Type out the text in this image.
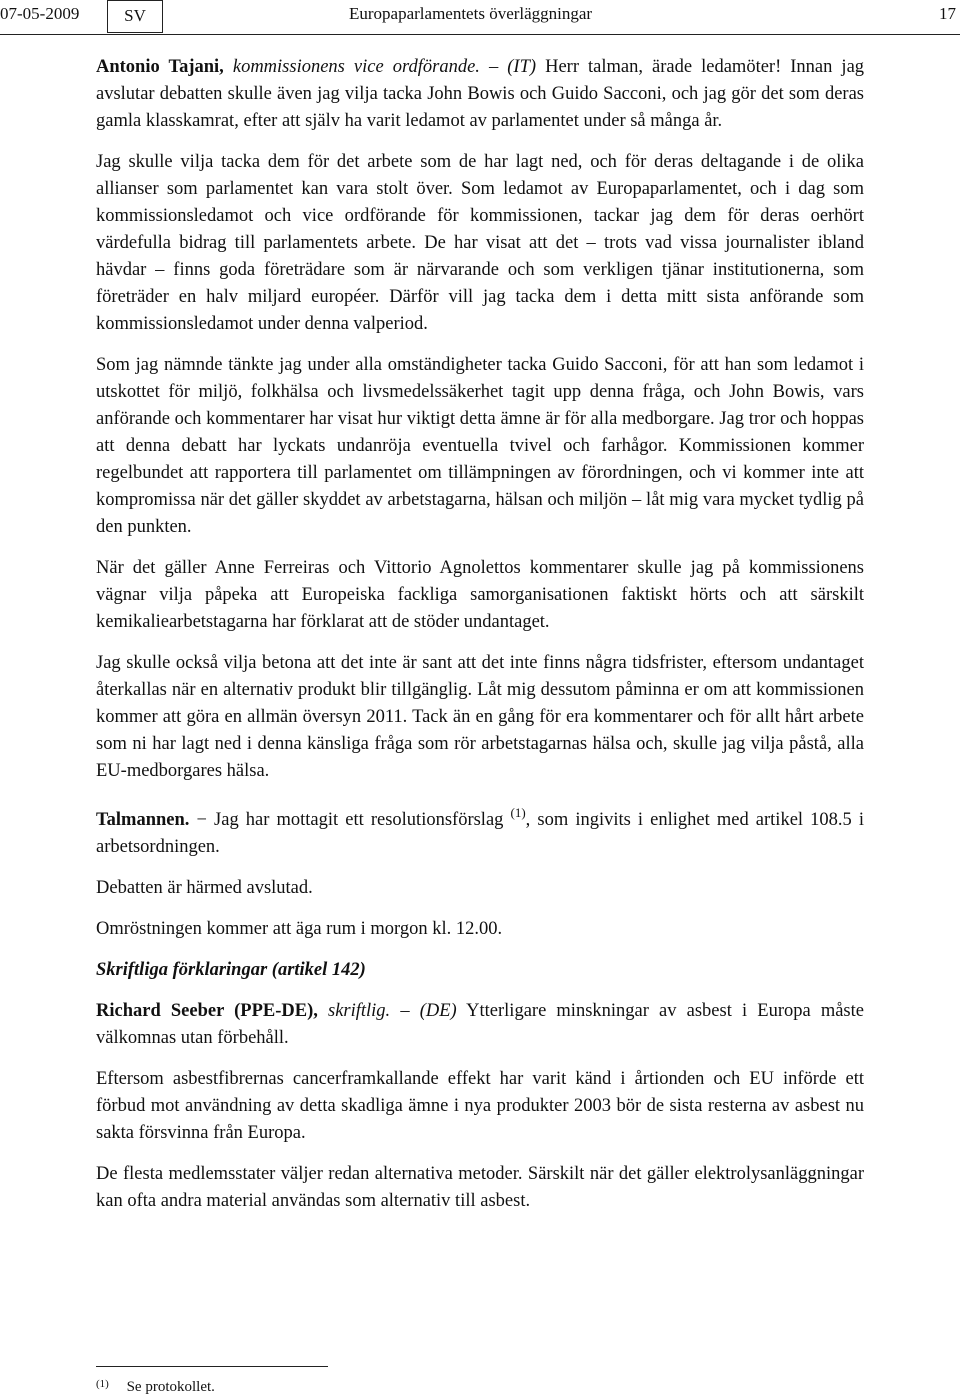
07-05-2009	SV	Europaparlamentets överläggningar	17

Antonio Tajani, kommissionens vice ordförande. – (IT) Herr talman, ärade ledamöter! Innan jag avslutar debatten skulle även jag vilja tacka John Bowis och Guido Sacconi, och jag gör det som deras gamla klasskamrat, efter att själv ha varit ledamot av parlamentet under så många år.

Jag skulle vilja tacka dem för det arbete som de har lagt ned, och för deras deltagande i de olika allianser som parlamentet kan vara stolt över. Som ledamot av Europaparlamentet, och i dag som kommissionsledamot och vice ordförande för kommissionen, tackar jag dem för deras oerhört värdefulla bidrag till parlamentets arbete. De har visat att det – trots vad vissa journalister ibland hävdar – finns goda företrädare som är närvarande och som verkligen tjänar institutionerna, som företräder en halv miljard européer. Därför vill jag tacka dem i detta mitt sista anförande som kommissionsledamot under denna valperiod.

Som jag nämnde tänkte jag under alla omständigheter tacka Guido Sacconi, för att han som ledamot i utskottet för miljö, folkhälsa och livsmedelssäkerhet tagit upp denna fråga, och John Bowis, vars anförande och kommentarer har visat hur viktigt detta ämne är för alla medborgare. Jag tror och hoppas att denna debatt har lyckats undanröja eventuella tvivel och farhågor. Kommissionen kommer regelbundet att rapportera till parlamentet om tillämpningen av förordningen, och vi kommer inte att kompromissa när det gäller skyddet av arbetstagarna, hälsan och miljön – låt mig vara mycket tydlig på den punkten.

När det gäller Anne Ferreiras och Vittorio Agnolettos kommentarer skulle jag på kommissionens vägnar vilja påpeka att Europeiska fackliga samorganisationen faktiskt hörts och att särskilt kemikaliearbetstagarna har förklarat att de stöder undantaget.

Jag skulle också vilja betona att det inte är sant att det inte finns några tidsfrister, eftersom undantaget återkallas när en alternativ produkt blir tillgänglig. Låt mig dessutom påminna er om att kommissionen kommer att göra en allmän översyn 2011. Tack än en gång för era kommentarer och för allt hårt arbete som ni har lagt ned i denna känsliga fråga som rör arbetstagarnas hälsa och, skulle jag vilja påstå, alla EU-medborgares hälsa.

Talmannen. − Jag har mottagit ett resolutionsförslag $^{(1)}$, som ingivits i enlighet med artikel 108.5 i arbetsordningen.

Debatten är härmed avslutad.

Omröstningen kommer att äga rum i morgon kl. 12.00.

Skriftliga förklaringar (artikel 142)

Richard Seeber (PPE-DE), skriftlig. – (DE) Ytterligare minskningar av asbest i Europa måste välkomnas utan förbehåll.

Eftersom asbestfibrernas cancerframkallande effekt har varit känd i årtionden och EU införde ett förbud mot användning av detta skadliga ämne i nya produkter 2003 bör de sista resterna av asbest nu sakta försvinna från Europa.

De flesta medlemsstater väljer redan alternativa metoder. Särskilt när det gäller elektrolysanläggningar kan ofta andra material användas som alternativ till asbest.

$^{(1)}$ Se protokollet.
